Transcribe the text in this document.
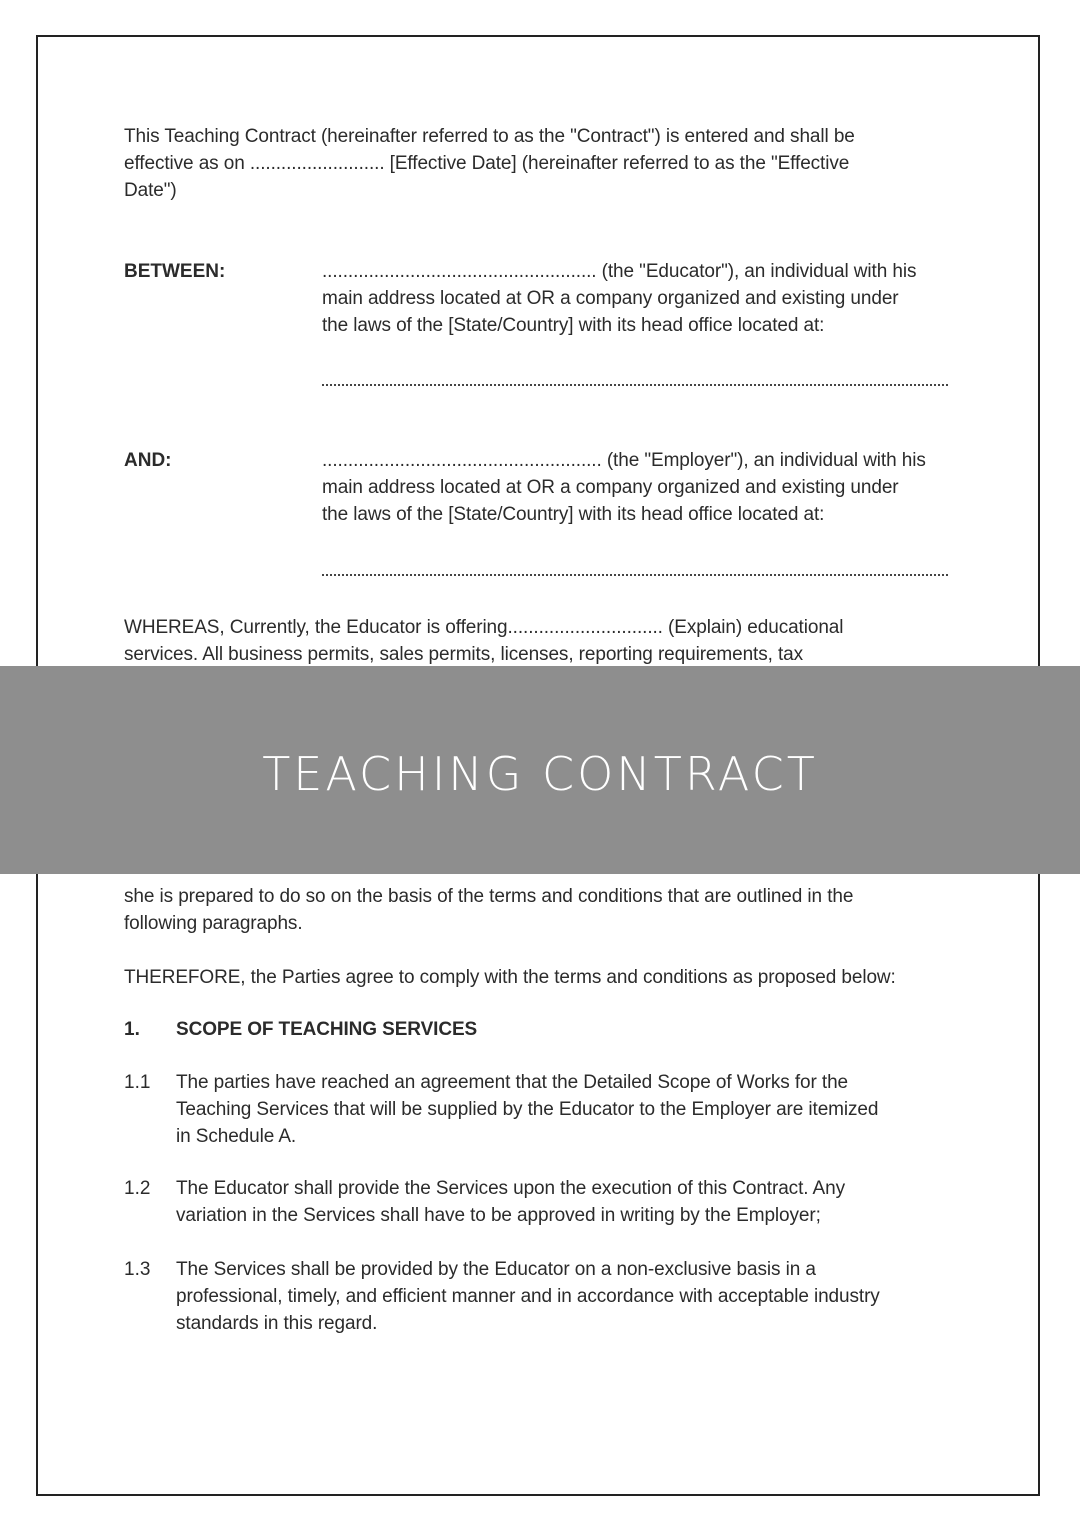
This Teaching Contract (hereinafter referred to as the "Contract") is entered and shall be

effective as on .......................... [Effective Date] (hereinafter referred to as the "Effective

Date")

BETWEEN:	..................................................... (the "Educator"), an individual with his

main address located at OR a company organized and existing under

the laws of the [State/Country] with its head office located at:

AND:	...................................................... (the "Employer"), an individual with his

main address located at OR a company organized and existing under

the laws of the [State/Country] with its head office located at:

WHEREAS, Currently, the Educator is offering.............................. (Explain) educational

services. All business permits, sales permits, licenses, reporting requirements, tax

TEACHING CONTRACT

she is prepared to do so on the basis of the terms and conditions that are outlined in the

following paragraphs.

THEREFORE, the Parties agree to comply with the terms and conditions as proposed below:
1. SCOPE OF TEACHING SERVICES
1.1 The parties have reached an agreement that the Detailed Scope of Works for the

Teaching Services that will be supplied by the Educator to the Employer are itemized

in Schedule A.

1.2 The Educator shall provide the Services upon the execution of this Contract. Any

variation in the Services shall have to be approved in writing by the Employer;

1.3 The Services shall be provided by the Educator on a non-exclusive basis in a

professional, timely, and efficient manner and in accordance with acceptable industry

standards in this regard.
